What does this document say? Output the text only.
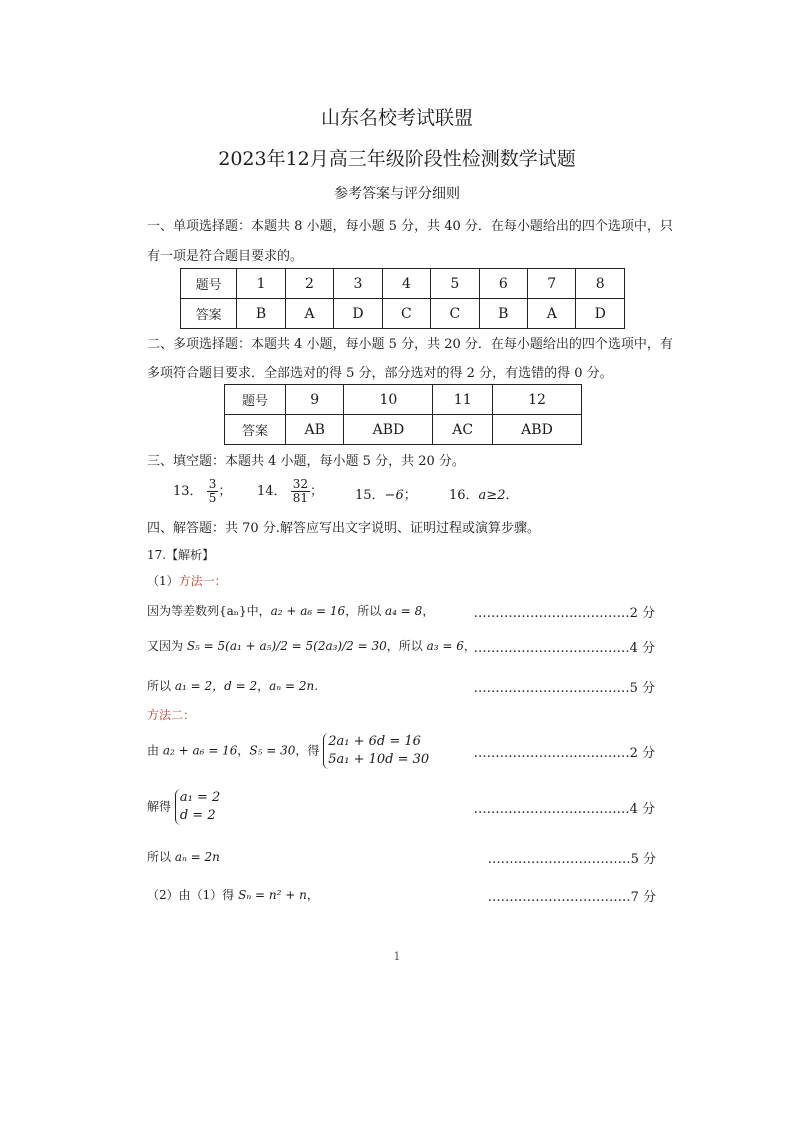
山东名校考试联盟
2023年12月高三年级阶段性检测数学试题
参考答案与评分细则
一、单项选择题：本题共 8 小题，每小题 5 分，共 40 分．在每小题给出的四个选项中，只
有一项是符合题目要求的。
题号	1	2	3	4	5	6	7	8
答案	B	A	D	C	C	B	A	D
二、多项选择题：本题共 4 小题，每小题 5 分，共 20 分．在每小题给出的四个选项中，有
多项符合题目要求．全部选对的得 5 分，部分选对的得 2 分，有选错的得 0 分。
题号	9	10	11	12
答案	AB	ABD	AC	ABD
三、填空题：本题共 4 小题，每小题 5 分，共 20 分。
13． $\frac{3}{5}$ ； 14． $\frac{32}{81}$ ； 15．−6； 16．a≥2．
四、解答题：共 70 分.解答应写出文字说明、证明过程或演算步骤。
17.【解析】
（1）方法一：
因为等差数列{aₙ}中，a₂ + a₆ = 16，所以 a₄ = 8，	………………………………2 分
又因为 S₅ = 5(a₁ + a₅)/2 = 5(2a₃)/2 = 30，所以 a₃ = 6，
………………………………4 分
所以 a₁ = 2，d = 2，aₙ = 2n.	………………………………5 分
方法二：
由 a₂ + a₆ = 16，S₅ = 30，得
2a₁ + 6d = 16
5a₁ + 10d = 30	………………………………2 分
解得
a₁ = 2
d = 2	………………………………4 分
所以 aₙ = 2n	……………………………5 分
（2）由（1）得 Sₙ = n² + n，	……………………………7 分
1
